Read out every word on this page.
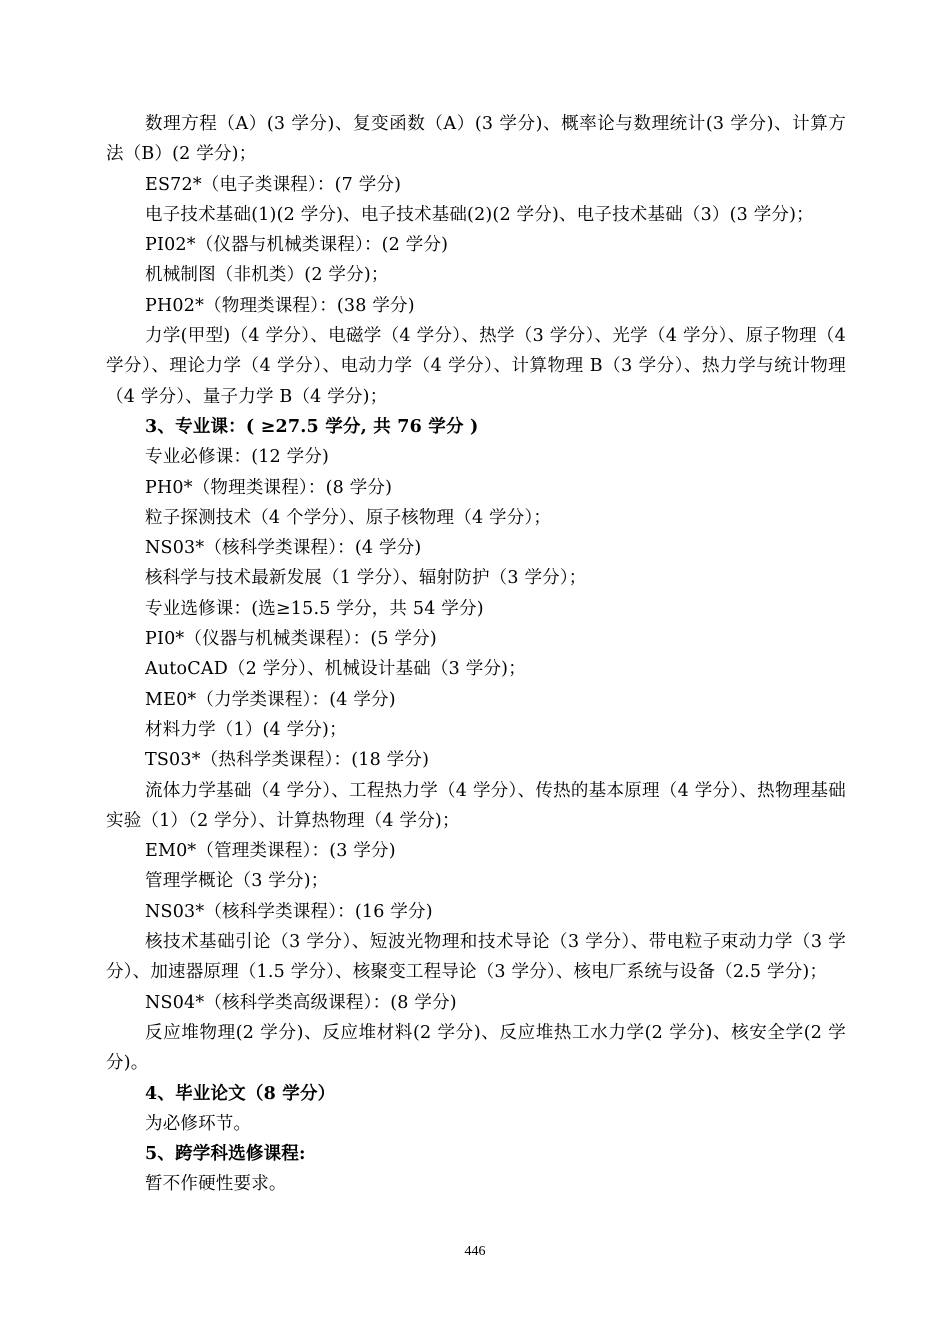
数理方程（A）(3 学分)、复变函数（A）(3 学分)、概率论与数理统计(3 学分)、计算方法（B）(2 学分)；

ES72*（电子类课程）：(7 学分)

电子技术基础(1)(2 学分)、电子技术基础(2)(2 学分)、电子技术基础（3）(3 学分)；

PI02*（仪器与机械类课程）：(2 学分)

机械制图（非机类）(2 学分)；

PH02*（物理类课程）：(38 学分)

力学(甲型)（4 学分）、电磁学（4 学分）、热学（3 学分）、光学（4 学分）、原子物理（4 学分）、理论力学（4 学分）、电动力学（4 学分）、计算物理 B（3 学分）、热力学与统计物理（4 学分）、量子力学 B（4 学分)；

3、专业课：( ≥27.5 学分, 共 76 学分 )

专业必修课：(12 学分)

PH0*（物理类课程）：(8 学分)

粒子探测技术（4 个学分）、原子核物理（4 学分）；

NS03*（核科学类课程）：(4 学分)

核科学与技术最新发展（1 学分）、辐射防护（3 学分）；

专业选修课：(选≥15.5 学分，共 54 学分)

PI0*（仪器与机械类课程）：(5 学分)

AutoCAD（2 学分）、机械设计基础（3 学分)；

ME0*（力学类课程）：(4 学分)

材料力学（1）(4 学分)；

TS03*（热科学类课程）：(18 学分)

流体力学基础（4 学分）、工程热力学（4 学分）、传热的基本原理（4 学分）、热物理基础实验（1）（2 学分）、计算热物理（4 学分)；

EM0*（管理类课程）：(3 学分)

管理学概论（3 学分)；

NS03*（核科学类课程）：(16 学分)

核技术基础引论（3 学分）、短波光物理和技术导论（3 学分）、带电粒子束动力学（3 学分）、加速器原理（1.5 学分）、核聚变工程导论（3 学分）、核电厂系统与设备（2.5 学分)；

NS04*（核科学类高级课程）：(8 学分)

反应堆物理(2 学分)、反应堆材料(2 学分)、反应堆热工水力学(2 学分)、核安全学(2 学分)。

4、毕业论文（8 学分）

为必修环节。

5、跨学科选修课程:

暂不作硬性要求。

446
